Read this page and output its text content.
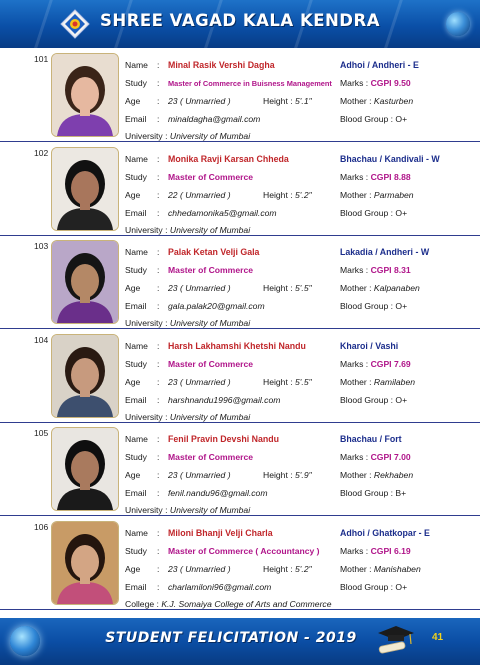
SHREE VAGAD KALA KENDRA
101
Name : Minal Rasik Vershi Dagha	Adhoi / Andheri - E
Study : Master of Commerce in Buisness Management Marks : CGPI 9.50
Age : 23 ( Unmarried )	Height : 5'.1"	Mother : Kasturben
Email : minaldagha@gmail.com	Blood Group : O+
University : University of Mumbai
102
Name : Monika Ravji Karsan Chheda	Bhachau / Kandivali - W
Study : Master of Commerce	Marks : CGPI 8.88
Age : 22 ( Unmarried )	Height : 5'.2"	Mother : Parmaben
Email : chhedamonika5@gmail.com	Blood Group : O+
University : University of Mumbai
103
Name : Palak Ketan Velji Gala	Lakadia / Andheri - W
Study : Master of Commerce	Marks : CGPI 8.31
Age : 23 ( Unmarried )	Height : 5'.5"	Mother : Kalpanaben
Email : gala.palak20@gmail.com	Blood Group : O+
University : University of Mumbai
104
Name : Harsh Lakhamshi Khetshi Nandu	Kharoi / Vashi
Study : Master of Commerce	Marks : CGPI 7.69
Age : 23 ( Unmarried )	Height : 5'.5"	Mother : Ramilaben
Email : harshnandu1996@gmail.com	Blood Group : O+
University : University of Mumbai
105
Name : Fenil Pravin Devshi Nandu	Bhachau / Fort
Study : Master of Commerce	Marks : CGPI 7.00
Age : 23 ( Unmarried )	Height : 5'.9"	Mother : Rekhaben
Email : fenil.nandu96@gmail.com	Blood Group : B+
University : University of Mumbai
106
Name : Miloni Bhanji Velji Charla	Adhoi / Ghatkopar - E
Study : Master of Commerce ( Accountancy ) Marks : CGPI 6.19
Age : 23 ( Unmarried )	Height : 5'.2"	Mother : Manishaben
Email : charlamiloni96@gmail.com	Blood Group : O+
College : K.J. Somaiya College of Arts and Commerce
STUDENT FELICITATION - 2019	41
